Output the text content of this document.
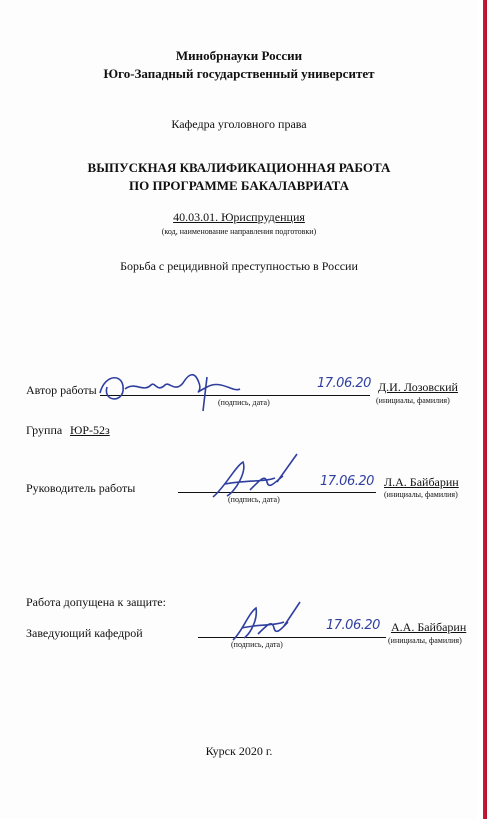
Минобрнауки России
Юго-Западный государственный университет
Кафедра уголовного права
ВЫПУСКНАЯ КВАЛИФИКАЦИОННАЯ РАБОТА
ПО ПРОГРАММЕ БАКАЛАВРИАТА
40.03.01. Юриспруденция
(код, наименование направления подготовки)
Борьба с рецидивной преступностью в России
Автор работы	17.06.20 Д.И. Лозовский
(подпись, дата)	(инициалы, фамилия)
Группа ЮР-52з
Руководитель работы	17.06.20 Л.А. Байбарин
(подпись, дата)
(инициалы, фамилия)
Работа допущена к защите:
Заведующий кафедрой	17.06.20 А.А. Байбарин
(подпись, дата)	(инициалы, фамилия)
Курск 2020 г.
